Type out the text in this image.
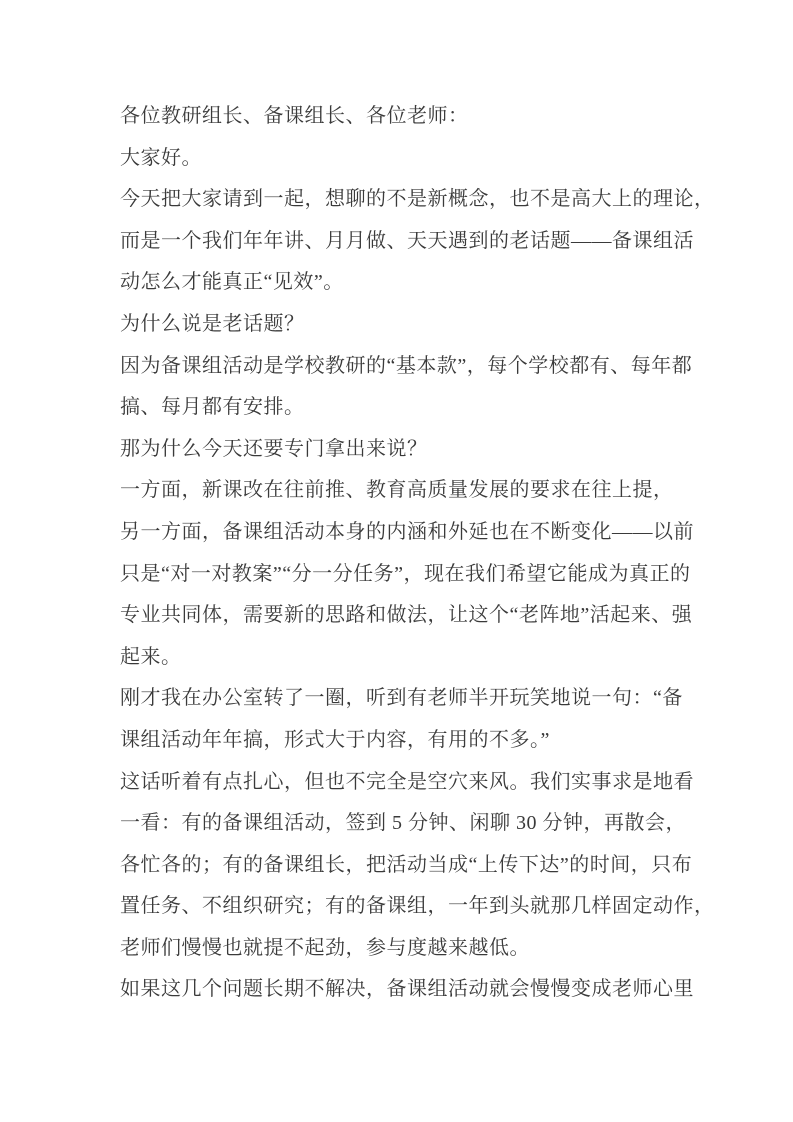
各位教研组长、备课组长、各位老师：
大家好。
今天把大家请到一起，想聊的不是新概念，也不是高大上的理论，
而是一个我们年年讲、月月做、天天遇到的老话题——备课组活
动怎么才能真正“见效”。
为什么说是老话题？
因为备课组活动是学校教研的“基本款”，每个学校都有、每年都
搞、每月都有安排。
那为什么今天还要专门拿出来说？
一方面，新课改在往前推、教育高质量发展的要求在往上提，
另一方面，备课组活动本身的内涵和外延也在不断变化——以前
只是“对一对教案”“分一分任务”，现在我们希望它能成为真正的
专业共同体，需要新的思路和做法，让这个“老阵地”活起来、强
起来。
刚才我在办公室转了一圈，听到有老师半开玩笑地说一句：“备
课组活动年年搞，形式大于内容，有用的不多。”
这话听着有点扎心，但也不完全是空穴来风。我们实事求是地看
一看：有的备课组活动，签到 5 分钟、闲聊 30 分钟，再散会，
各忙各的；有的备课组长，把活动当成“上传下达”的时间，只布
置任务、不组织研究；有的备课组，一年到头就那几样固定动作，
老师们慢慢也就提不起劲，参与度越来越低。
如果这几个问题长期不解决，备课组活动就会慢慢变成老师心里
